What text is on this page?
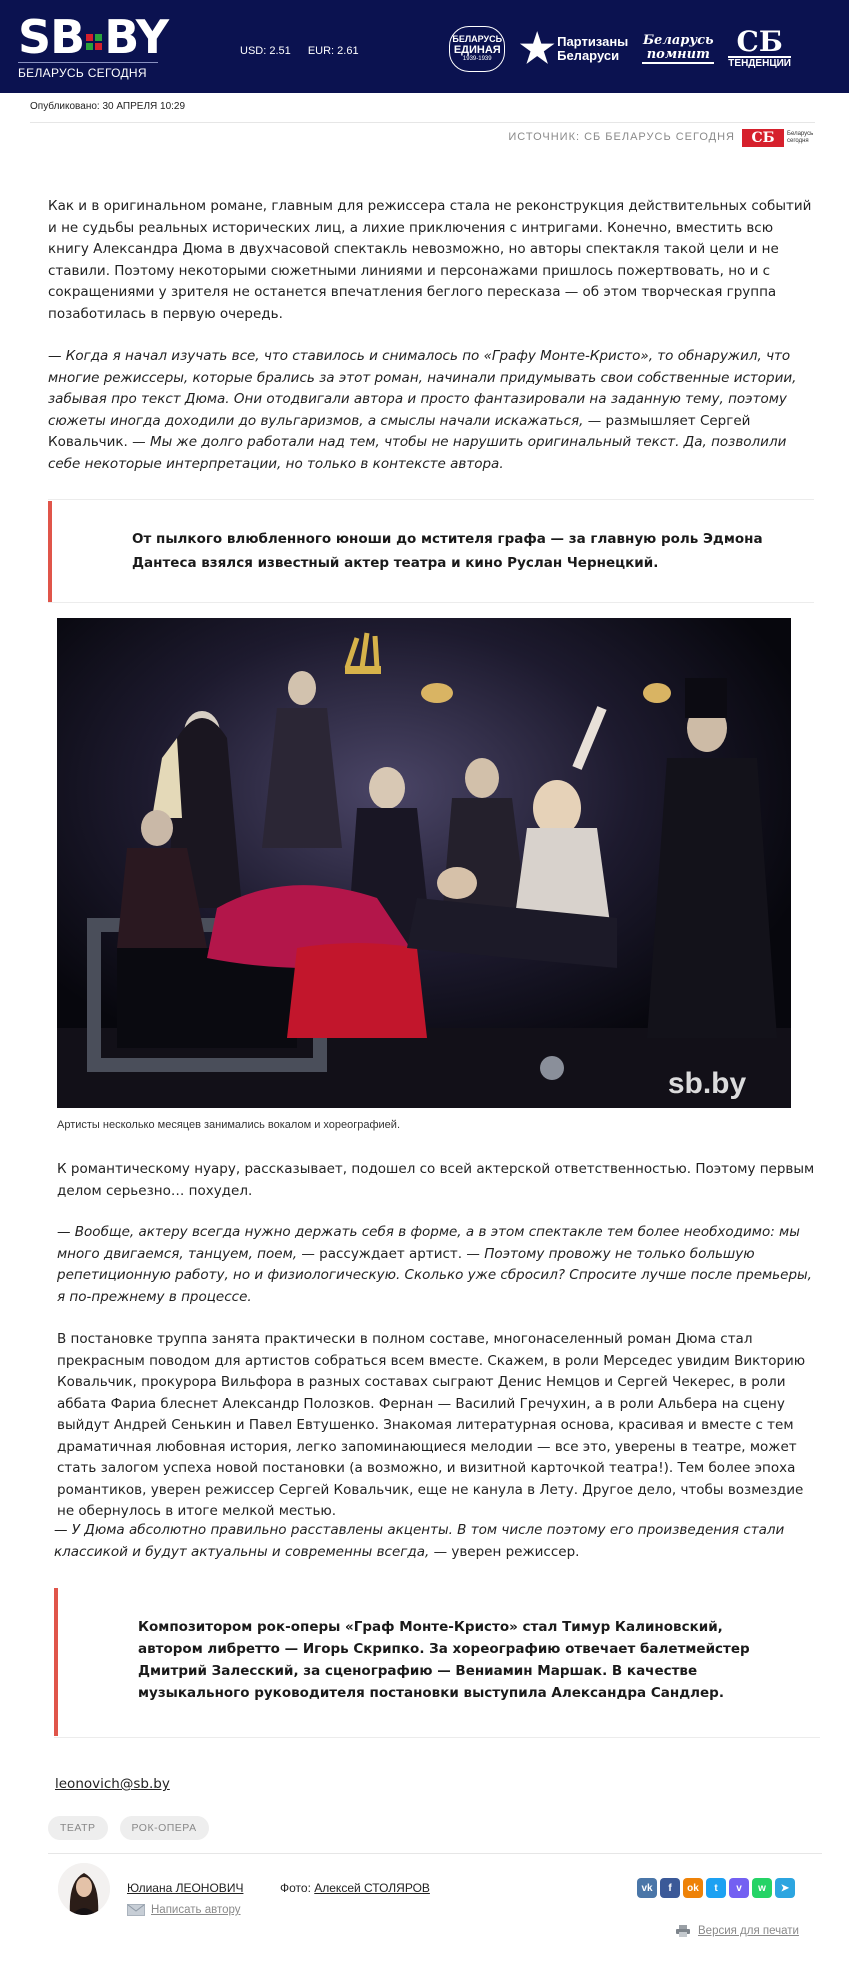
SB BY
БЕЛАРУСЬ СЕГОДНЯ
USD: 2.51 EUR: 2.61
БЕЛАРУСЬ
ЕДИНАЯ
1939-1939 ★ Партизаны
Беларуси
Беларусь
помнит СБ
ТЕНДЕНЦИИ
Опубликовано: 30 АПРЕЛЯ 10:29
ИСТОЧНИК: СБ БЕЛАРУСЬ СЕГОДНЯ	СБ	Беларусь
сегодня
Как и в оригинальном романе, главным для режиссера стала не реконструкция действительных событий и не судьбы реальных исторических лиц, а лихие приключения с интригами. Конечно, вместить всю книгу Александра Дюма в двухчасовой спектакль невозможно, но авторы спектакля такой цели и не ставили. Поэтому некоторыми сюжетными линиями и персонажами пришлось пожертвовать, но и с сокращениями у зрителя не останется впечатления беглого пересказа — об этом творческая группа позаботилась в первую очередь.
— Когда я начал изучать все, что ставилось и снималось по «Графу Монте-Кристо», то обнаружил, что многие режиссеры, которые брались за этот роман, начинали придумывать свои собственные истории, забывая про текст Дюма. Они отодвигали автора и просто фантазировали на заданную тему, поэтому сюжеты иногда доходили до вульгаризмов, а смыслы начали искажаться, — размышляет Сергей Ковальчик. — Мы же долго работали над тем, чтобы не нарушить оригинальный текст. Да, позволили себе некоторые интерпретации, но только в контексте автора.
От пылкого влюбленного юноши до мстителя графа — за главную роль Эдмона Дантеса взялся известный актер театра и кино Руслан Чернецкий.
sb.by
Артисты несколько месяцев занимались вокалом и хореографией.
К романтическому нуару, рассказывает, подошел со всей актерской ответственностью. Поэтому первым делом серьезно… похудел.
— Вообще, актеру всегда нужно держать себя в форме, а в этом спектакле тем более необходимо: мы много двигаемся, танцуем, поем, — рассуждает артист. — Поэтому провожу не только большую репетиционную работу, но и физиологическую. Сколько уже сбросил? Спросите лучше после премьеры, я по-прежнему в процессе.
В постановке труппа занята практически в полном составе, многонаселенный роман Дюма стал прекрасным поводом для артистов собраться всем вместе. Скажем, в роли Мерседес увидим Викторию Ковальчик, прокурора Вильфора в разных составах сыграют Денис Немцов и Сергей Чекерес, в роли аббата Фариа блеснет Александр Полозков. Фернан — Василий Гречухин, а в роли Альбера на сцену выйдут Андрей Сенькин и Павел Евтушенко. Знакомая литературная основа, красивая и вместе с тем драматичная любовная история, легко запоминающиеся мелодии — все это, уверены в театре, может стать залогом успеха новой постановки (а возможно, и визитной карточкой театра!). Тем более эпоха романтиков, уверен режиссер Сергей Ковальчик, еще не канула в Лету. Другое дело, чтобы возмездие не обернулось в итоге мелкой местью.
— У Дюма абсолютно правильно расставлены акценты. В том числе поэтому его произведения стали классикой и будут актуальны и современны всегда, — уверен режиссер.
Композитором рок-оперы «Граф Монте-Кристо» стал Тимур Калиновский, автором либретто — Игорь Скрипко. За хореографию отвечает балетмейстер Дмитрий Залесский, за сценографию — Вениамин Маршак. В качестве музыкального руководителя постановки выступила Александра Сандлер.
leonovich@sb.by
ТЕАТР	РОК-ОПЕРА
Юлиана ЛЕОНОВИЧ
Написать автору
Фото: Алексей СТОЛЯРОВ	vk	f	ok	t	v	w	➤
Версия для печати
